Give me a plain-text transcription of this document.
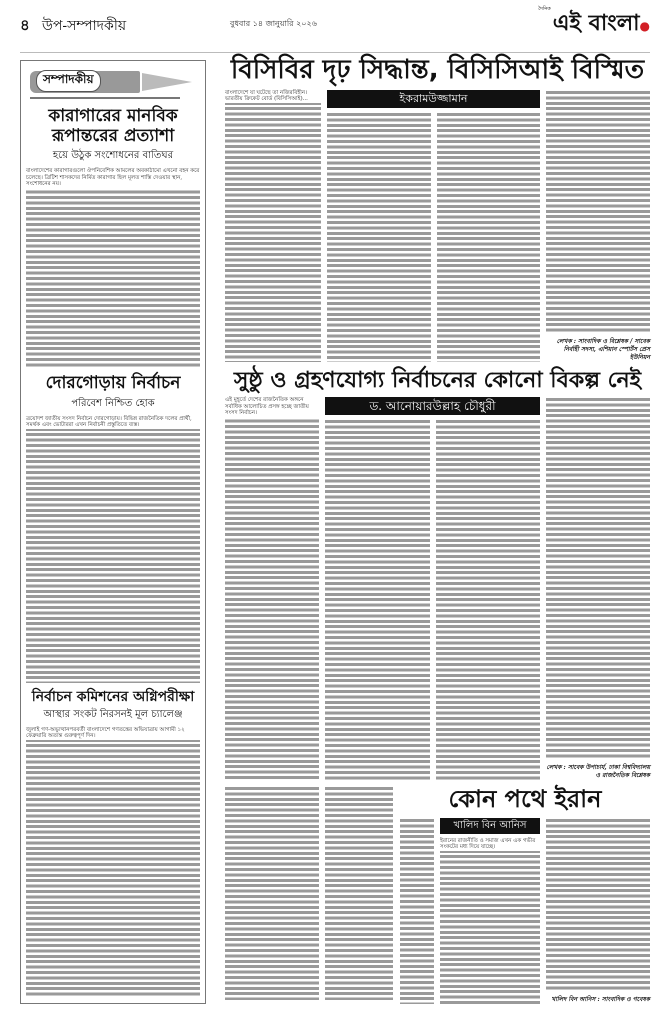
৪ উপ-সম্পাদকীয়	বুধবার ১৪ জানুয়ারি ২০২৬
$^{দৈনিক}$এই বাংলা●
সম্পাদকীয়
কারাগারের মানবিক
রূপান্তরের প্রত্যাশা
হয়ে উঠুক সংশোধনের বাতিঘর
বাংলাদেশের কারাগারগুলো ঔপনিবেশিক আমলের অবকাঠামো এখনো বহন করে চলেছে। ব্রিটিশ শাসকদের নির্মিত কারাগার ছিল মূলত শাস্তি দেওয়ার স্থান, সংশোধনের নয়।
দোরগোড়ায় নির্বাচন
পরিবেশ নিশ্চিত হোক
ত্রয়োদশ জাতীয় সংসদ নির্বাচন দোরগোড়ায়। বিভিন্ন রাজনৈতিক দলের প্রার্থী, সমর্থক এবং ভোটাররা এখন নির্বাচনী প্রস্তুতিতে ব্যস্ত।
নির্বাচন কমিশনের অগ্নিপরীক্ষা
আস্থার সংকট নিরসনই মূল চ্যালেঞ্জ
জুলাই গণ-অভ্যুত্থানপরবর্তী বাংলাদেশে গণতন্ত্রের অভিযাত্রায় আগামী ১২ ফেব্রুয়ারি অত্যন্ত গুরুত্বপূর্ণ দিন।
বিসিবির দৃঢ় সিদ্ধান্ত, বিসিসিআই বিস্মিত
ইকরামউজ্জামান
বাংলাদেশে যা ঘটেছে তা নজিরবিহীন। ভারতীয় ক্রিকেট বোর্ড (বিসিসিআই)...
লেখক : সাংবাদিক ও বিশ্লেষক / সাবেক নির্বাহী সদস্য, এশিয়ান স্পোর্টস প্রেস ইউনিয়ন
সুষ্ঠু ও গ্রহণযোগ্য নির্বাচনের কোনো বিকল্প নেই
ড. আনোয়ারউল্লাহ চৌধুরী
এই মুহূর্তে দেশের রাজনৈতিক অঙ্গনে সর্বাধিক আলোচিত প্রসঙ্গ হচ্ছে জাতীয় সংসদ নির্বাচন।
লেখক : সাবেক উপাচার্য, ঢাকা বিশ্ববিদ্যালয় ও রাজনৈতিক বিশ্লেষক
কোন পথে ইরান
খালিদ বিন আনিস
ইরানের রাজনীতি ও সমাজ এখন এক গভীর সংকটের মধ্য দিয়ে যাচ্ছে।
খালিদ বিন আনিস : সাংবাদিক ও গবেষক
